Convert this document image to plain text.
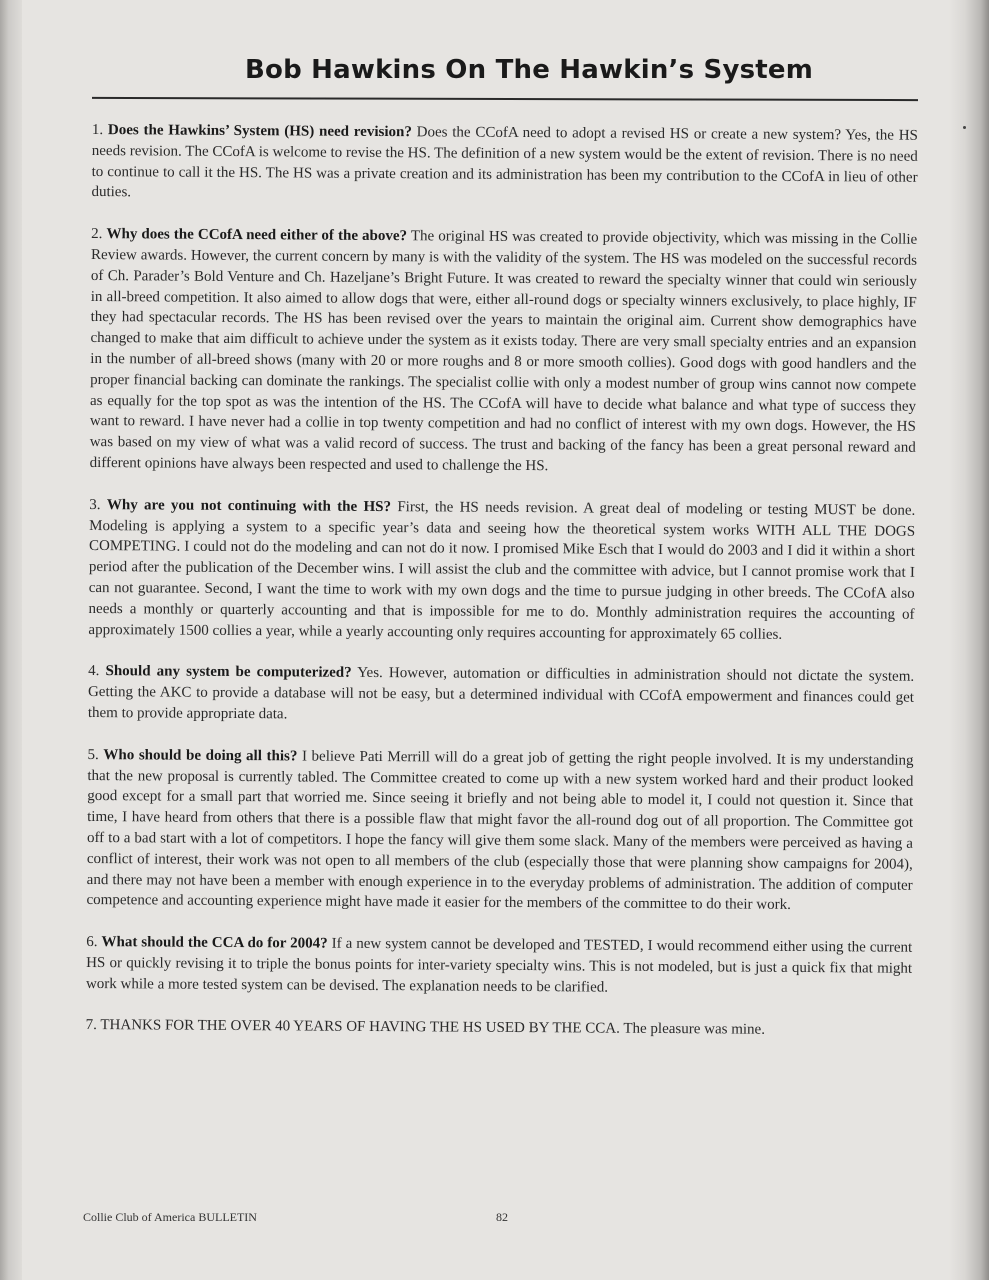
Bob Hawkins On The Hawkin’s System

1. Does the Hawkins’ System (HS) need revision? Does the CCofA need to adopt a revised HS or create a new system? Yes, the HS needs revision. The CCofA is welcome to revise the HS. The definition of a new system would be the extent of revision. There is no need to continue to call it the HS. The HS was a private creation and its administration has been my contribution to the CCofA in lieu of other duties.

2. Why does the CCofA need either of the above? The original HS was created to provide objectivity, which was missing in the Collie Review awards. However, the current concern by many is with the validity of the system. The HS was modeled on the successful records of Ch. Parader’s Bold Venture and Ch. Hazeljane’s Bright Future. It was created to reward the specialty winner that could win seriously in all-breed competition. It also aimed to allow dogs that were, either all-round dogs or specialty winners exclusively, to place highly, IF they had spectacular records. The HS has been revised over the years to maintain the original aim. Current show demographics have changed to make that aim difficult to achieve under the system as it exists today. There are very small specialty entries and an expansion in the number of all-breed shows (many with 20 or more roughs and 8 or more smooth collies). Good dogs with good handlers and the proper financial backing can dominate the rankings. The specialist collie with only a modest number of group wins cannot now compete as equally for the top spot as was the intention of the HS. The CCofA will have to decide what balance and what type of success they want to reward. I have never had a collie in top twenty competition and had no conflict of interest with my own dogs. However, the HS was based on my view of what was a valid record of success. The trust and backing of the fancy has been a great personal reward and different opinions have always been respected and used to challenge the HS.

3. Why are you not continuing with the HS? First, the HS needs revision. A great deal of modeling or testing MUST be done. Modeling is applying a system to a specific year’s data and seeing how the theoretical system works WITH ALL THE DOGS COMPETING. I could not do the modeling and can not do it now. I promised Mike Esch that I would do 2003 and I did it within a short period after the publication of the December wins. I will assist the club and the committee with advice, but I cannot promise work that I can not guarantee. Second, I want the time to work with my own dogs and the time to pursue judging in other breeds. The CCofA also needs a monthly or quarterly accounting and that is impossible for me to do. Monthly administration requires the accounting of approximately 1500 collies a year, while a yearly accounting only requires accounting for approximately 65 collies.

4. Should any system be computerized? Yes. However, automation or difficulties in administration should not dictate the system. Getting the AKC to provide a database will not be easy, but a determined individual with CCofA empowerment and finances could get them to provide appropriate data.

5. Who should be doing all this? I believe Pati Merrill will do a great job of getting the right people involved. It is my understanding that the new proposal is currently tabled. The Committee created to come up with a new system worked hard and their product looked good except for a small part that worried me. Since seeing it briefly and not being able to model it, I could not question it. Since that time, I have heard from others that there is a possible flaw that might favor the all-round dog out of all proportion. The Committee got off to a bad start with a lot of competitors. I hope the fancy will give them some slack. Many of the members were perceived as having a conflict of interest, their work was not open to all members of the club (especially those that were planning show campaigns for 2004), and there may not have been a member with enough experience in to the everyday problems of administration. The addition of computer competence and accounting experience might have made it easier for the members of the committee to do their work.

6. What should the CCA do for 2004? If a new system cannot be developed and TESTED, I would recommend either using the current HS or quickly revising it to triple the bonus points for inter-variety specialty wins. This is not modeled, but is just a quick fix that might work while a more tested system can be devised. The explanation needs to be clarified.

7. THANKS FOR THE OVER 40 YEARS OF HAVING THE HS USED BY THE CCA. The pleasure was mine.

Collie Club of America BULLETIN	82
